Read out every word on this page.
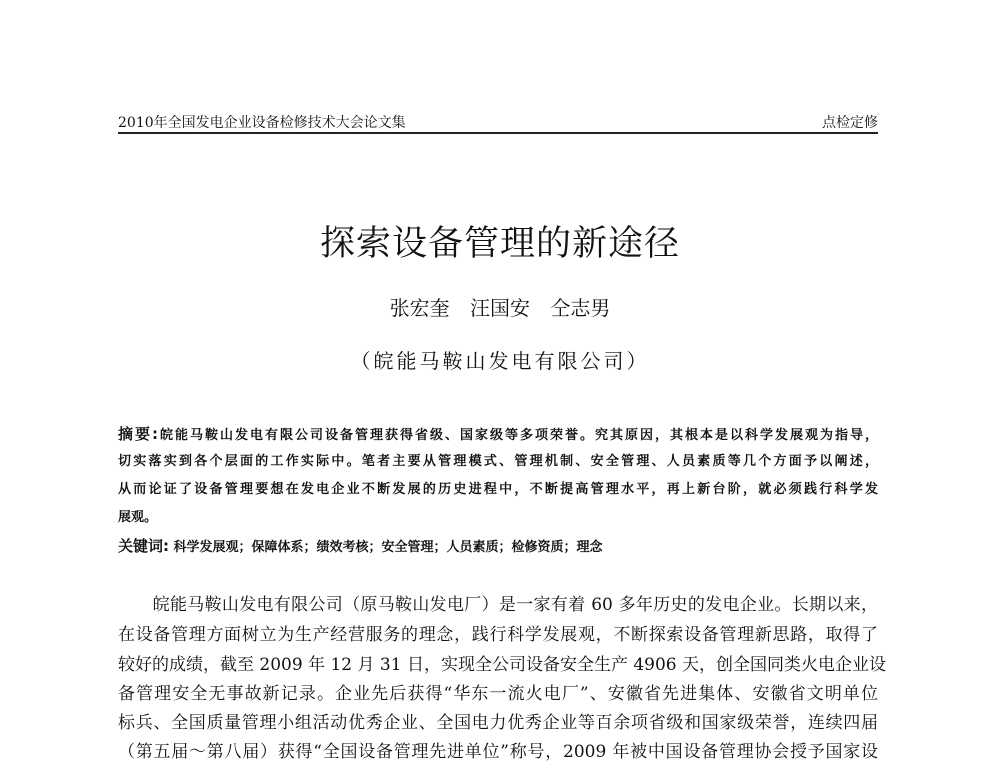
2010年全国发电企业设备检修技术大会论文集	点检定修
探索设备管理的新途径
张宏奎 汪国安 仝志男
（皖能马鞍山发电有限公司）
摘要:皖能马鞍山发电有限公司设备管理获得省级、国家级等多项荣誉。究其原因，其根本是以科学发展观为指导，
切实落实到各个层面的工作实际中。笔者主要从管理模式、管理机制、安全管理、人员素质等几个方面予以阐述，
从而论证了设备管理要想在发电企业不断发展的历史进程中，不断提高管理水平，再上新台阶，就必须践行科学发
展观。
关键词: 科学发展观；保障体系；绩效考核；安全管理；人员素质；检修资质；理念
　　皖能马鞍山发电有限公司（原马鞍山发电厂）是一家有着 60 多年历史的发电企业。长期以来，
在设备管理方面树立为生产经营服务的理念，践行科学发展观，不断探索设备管理新思路，取得了
较好的成绩，截至 2009 年 12 月 31 日，实现全公司设备安全生产 4906 天，创全国同类火电企业设
备管理安全无事故新记录。企业先后获得“华东一流火电厂”、安徽省先进集体、安徽省文明单位
标兵、全国质量管理小组活动优秀企业、全国电力优秀企业等百余项省级和国家级荣誉，连续四届
（第五届～第八届）获得“全国设备管理先进单位”称号，2009 年被中国设备管理协会授予国家设
